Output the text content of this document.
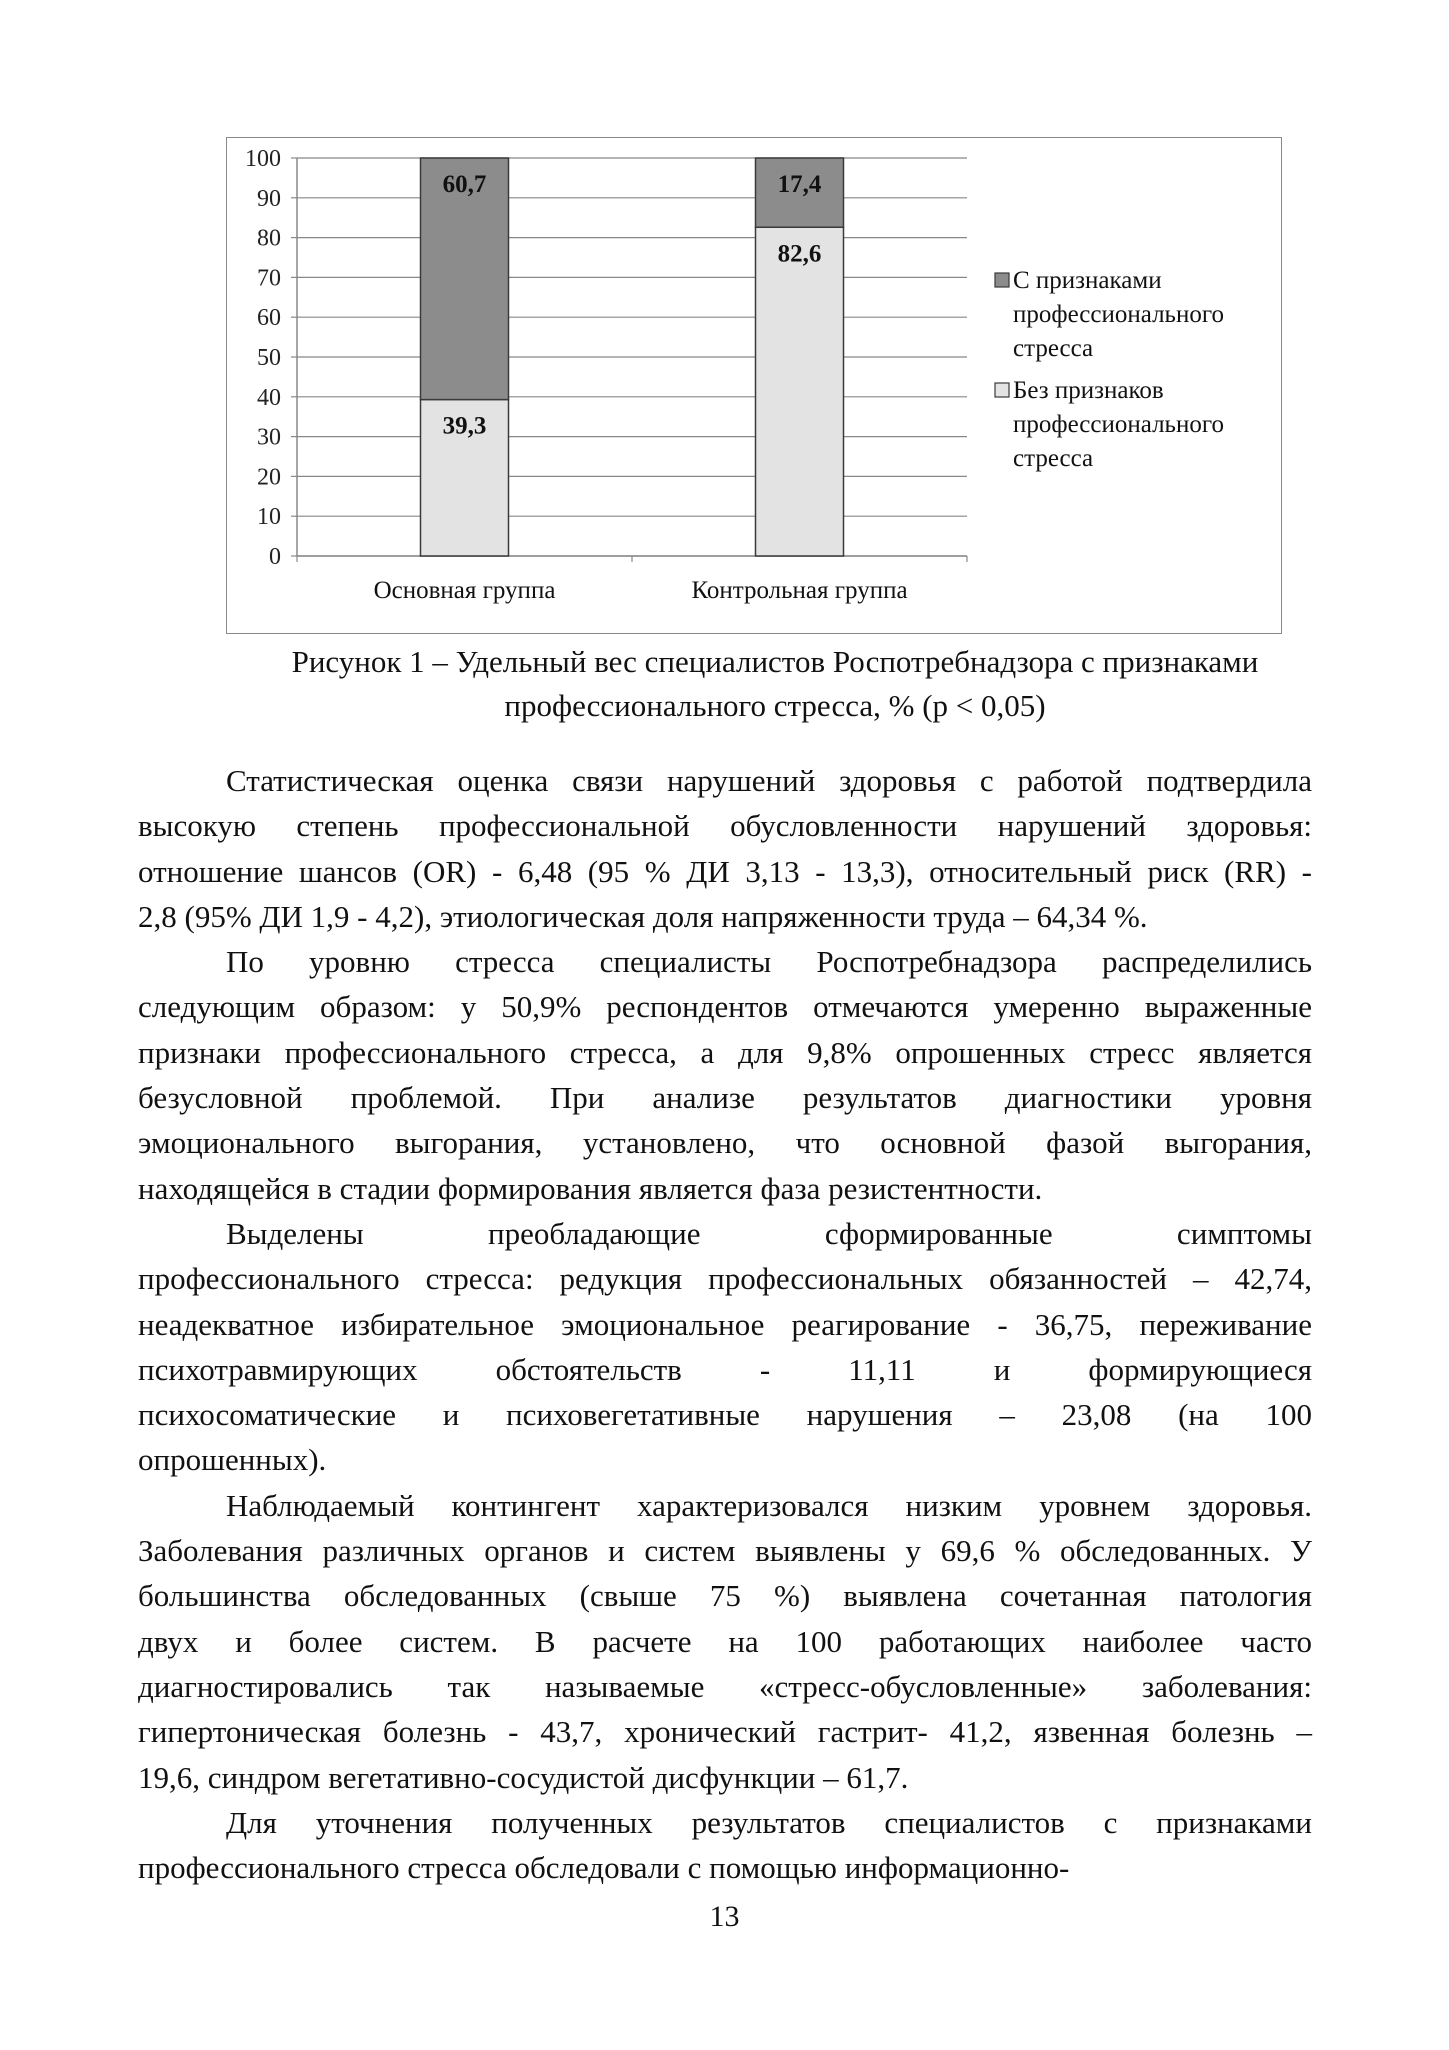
0
10
20
30
40
50
60
70
80
90
100
39,3
60,7
Основная группа
82,6
17,4
Контрольная группа
С признаками
профессионального
стресса
Без признаков
профессионального
стресса
Рисунок 1 – Удельный вес специалистов Роспотребнадзора с признаками
профессионального стресса, % (p < 0,05)

Статистическая оценка связи нарушений здоровья с работой подтвердила

высокую степень профессиональной обусловленности нарушений здоровья:

отношение шансов (OR) - 6,48 (95 % ДИ 3,13 - 13,3), относительный риск (RR) -

2,8 (95% ДИ 1,9 - 4,2), этиологическая доля напряженности труда – 64,34 %.

По уровню стресса специалисты Роспотребнадзора распределились

следующим образом: у 50,9% респондентов отмечаются умеренно выраженные

признаки профессионального стресса, а для 9,8% опрошенных стресс является

безусловной проблемой. При анализе результатов диагностики уровня

эмоционального выгорания, установлено, что основной фазой выгорания,

находящейся в стадии формирования является фаза резистентности.

Выделены преобладающие сформированные симптомы

профессионального стресса: редукция профессиональных обязанностей – 42,74,

неадекватное избирательное эмоциональное реагирование - 36,75, переживание

психотравмирующих обстоятельств - 11,11 и формирующиеся

психосоматические и психовегетативные нарушения – 23,08 (на 100

опрошенных).

Наблюдаемый контингент характеризовался низким уровнем здоровья.

Заболевания различных органов и систем выявлены у 69,6 % обследованных. У

большинства обследованных (свыше 75 %) выявлена сочетанная патология

двух и более систем. В расчете на 100 работающих наиболее часто

диагностировались так называемые «стресс-обусловленные» заболевания:

гипертоническая болезнь - 43,7, хронический гастрит- 41,2, язвенная болезнь –

19,6, синдром вегетативно-сосудистой дисфункции – 61,7.

Для уточнения полученных результатов специалистов с признаками

профессионального стресса обследовали с помощью информационно-

13
